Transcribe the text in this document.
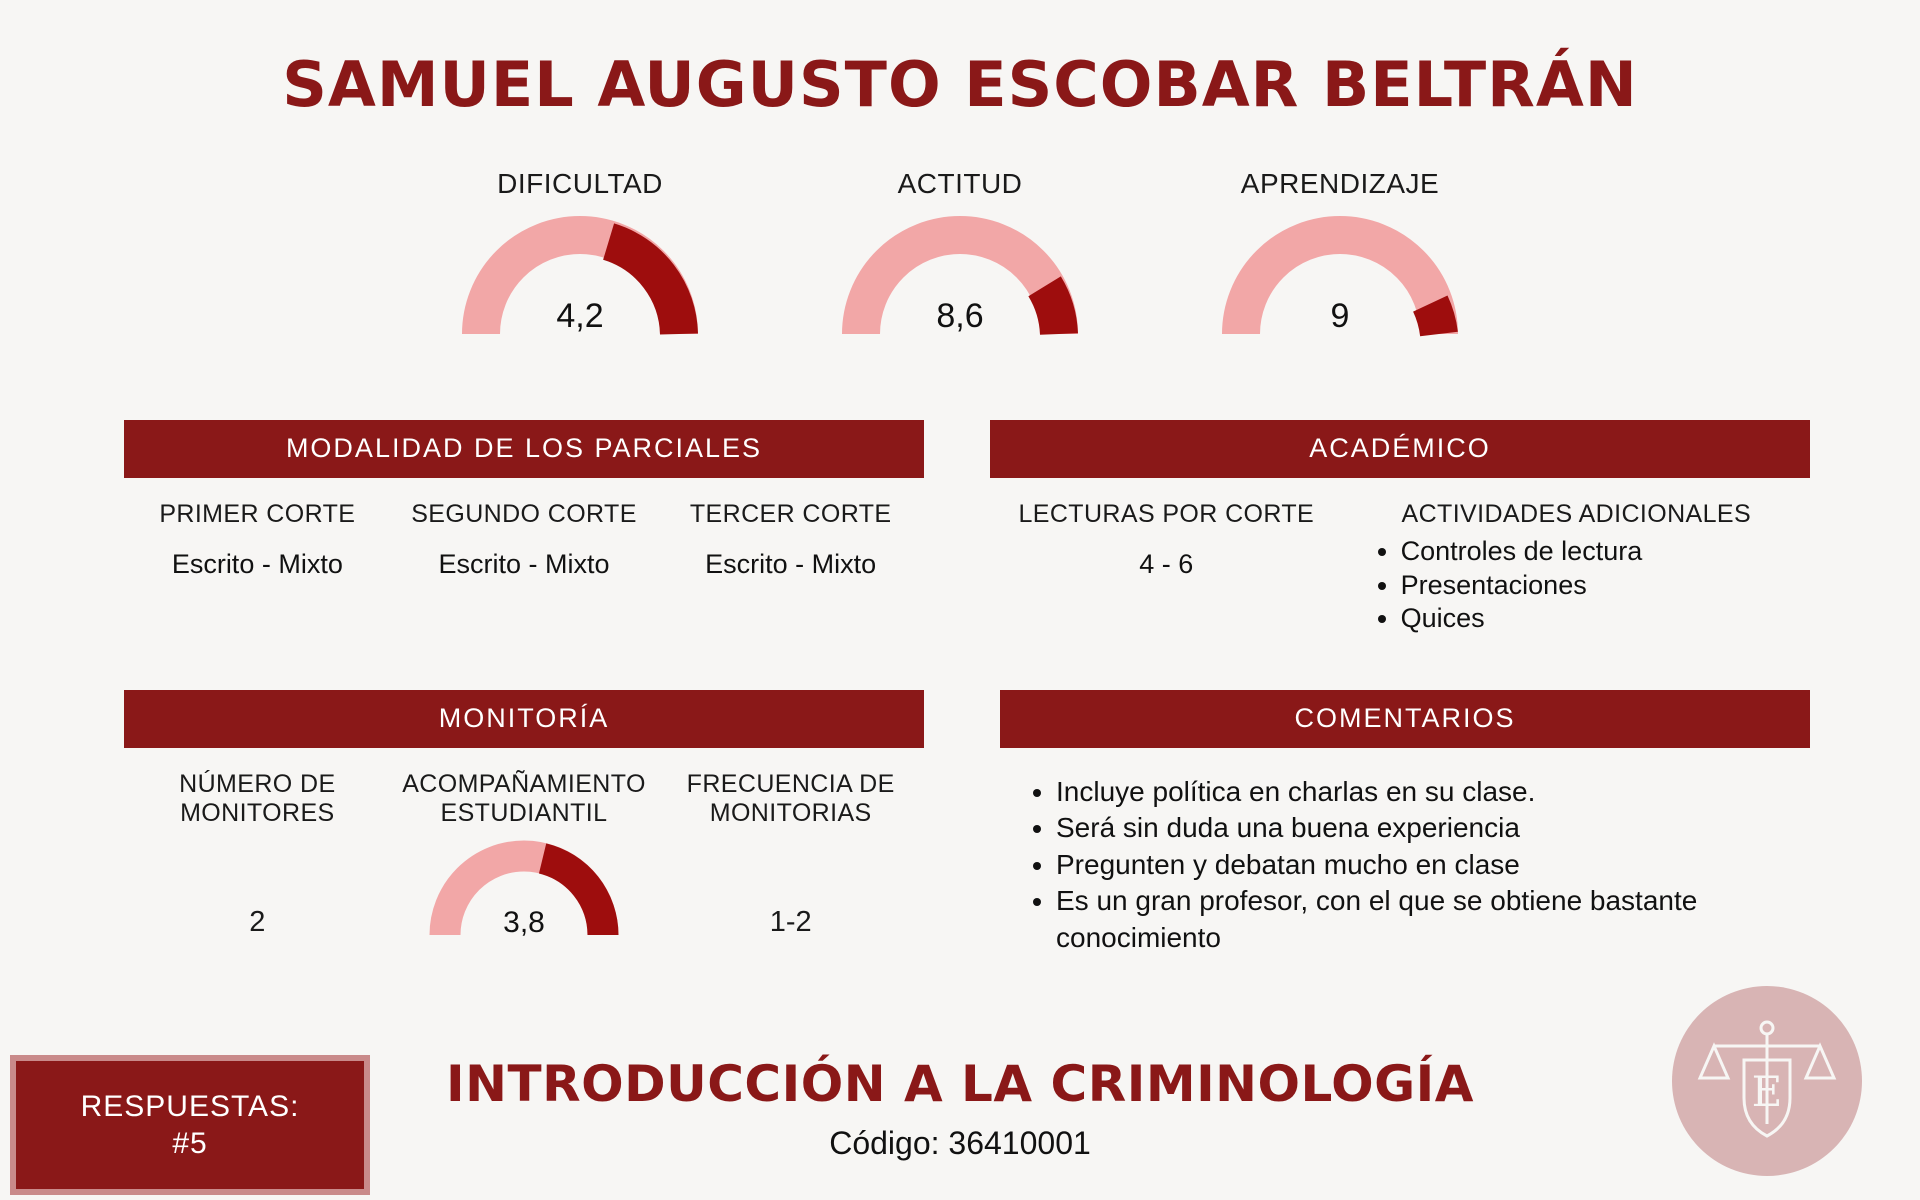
SAMUEL AUGUSTO ESCOBAR BELTRÁN
DIFICULTAD
4,2
ACTITUD
8,6
APRENDIZAJE
9
MODALIDAD DE LOS PARCIALES
PRIMER CORTE
Escrito - Mixto
SEGUNDO CORTE
Escrito - Mixto
TERCER CORTE
Escrito - Mixto
ACADÉMICO
LECTURAS POR CORTE
4 - 6
ACTIVIDADES ADICIONALES
• Controles de lectura
• Presentaciones
• Quices
MONITORÍA
NÚMERO DE MONITORES
2
ACOMPAÑAMIENTO ESTUDIANTIL
3,8
FRECUENCIA DE MONITORIAS
1-2
COMENTARIOS
• Incluye política en charlas en su clase.
• Será sin duda una buena experiencia
• Pregunten y debatan mucho en clase
• Es un gran profesor, con el que se obtiene bastante conocimiento
RESPUESTAS:
#5
INTRODUCCIÓN A LA CRIMINOLOGÍA
Código: 36410001
E
